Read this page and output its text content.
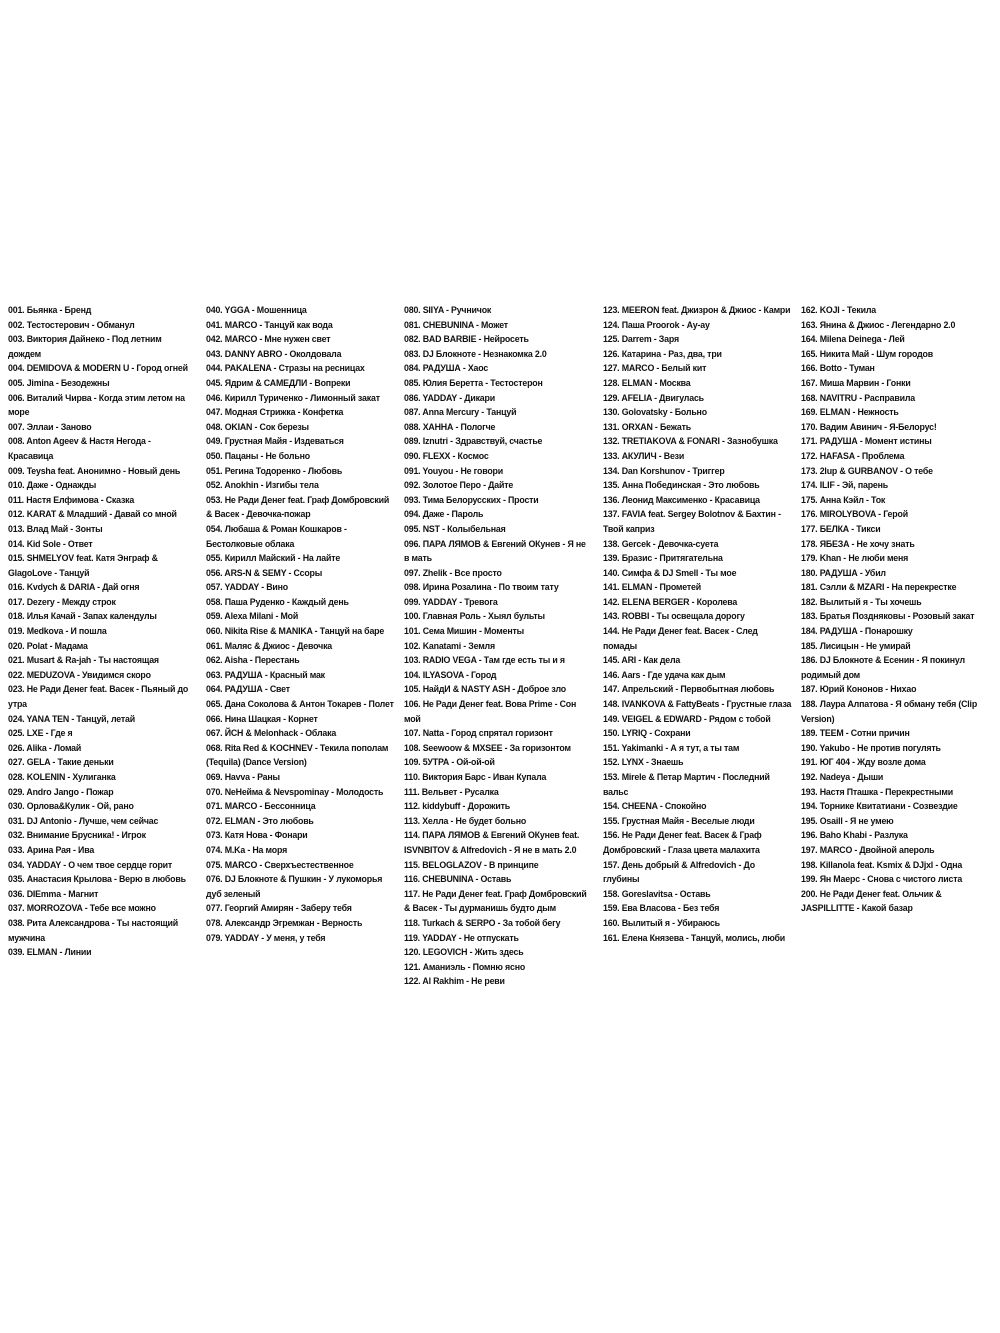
001. Бьянка - Бренд
002. Тестостерович - Обманул
003. Виктория Дайнеко - Под летним дождем
004. DEMIDOVA & MODERN U - Город огней
005. Jimina - Безодежны
006. Виталий Чирва - Когда этим летом на море
007. Эллаи - Заново
008. Anton Ageev & Настя Негода - Красавица
009. Teysha feat. Анонимно - Новый день
010. Даже - Однажды
011. Настя Елфимова - Сказка
012. KARAT & Младший - Давай со мной
013. Влад Май - Зонты
014. Kid Sole - Ответ
015. SHMELYOV feat. Катя Энграф & GlagoLove - Танцуй
016. Kvdych & DARIA - Дай огня
017. Dezery - Между строк
018. Илья Качай - Запах календулы
019. Medkova - И пошла
020. Polat - Мадама
021. Musart & Ra-jah - Ты настоящая
022. MEDUZOVA - Увидимся скоро
023. Не Ради Денег feat. Васек - Пьяный до утра
024. YANA TEN - Танцуй, летай
025. LXE - Где я
026. Alika - Ломай
027. GELA - Такие деньки
028. KOLENIN - Хулиганка
029. Andro Jango - Пожар
030. Орлова&Кулик - Ой, рано
031. DJ Antonio - Лучше, чем сейчас
032. Внимание Брусника! - Игрок
033. Арина Рая - Ива
034. YADDAY - О чем твое сердце горит
035. Анастасия Крылова - Верю в любовь
036. DIEmma - Магнит
037. MORROZOVA - Тебе все можно
038. Рита Александрова - Ты настоящий мужчина
039. ELMAN - Линии
040. YGGA - Мошенница
041. MARCO - Танцуй как вода
042. MARCO - Мне нужен свет
043. DANNY ABRO - Околдовала
044. PAKALENA - Стразы на ресницах
045. Ядрим & САМЕДЛИ - Вопреки
046. Кирилл Туриченко - Лимонный закат
047. Модная Стрижка - Конфетка
048. OKIAN - Сок березы
049. Грустная Майя - Издеваться
050. Пацаны - Не больно
051. Регина Тодоренко - Любовь
052. Anokhin - Изгибы тела
053. Не Ради Денег feat. Граф Домбровский & Васек - Девочка-пожар
054. Любаша & Роман Кошкаров - Бестолковые облака
055. Кирилл Майский - На лайте
056. ARS-N & SEMY - Ссоры
057. YADDAY - Вино
058. Паша Руденко - Каждый день
059. Alexa Milani - Мой
060. Nikita Rise & MANIKA - Танцуй на баре
061. Маляс & Джиос - Девочка
062. Aisha - Перестань
063. РАДУША - Красный мак
064. РАДУША - Свет
065. Дана Соколова & Антон Токарев - Полет
066. Нина Шацкая - Корнет
067. ЙСН & Melonhack - Облака
068. Rita Red & KOCHNEV - Текила пополам (Tequila) (Dance Version)
069. Havva - Раны
070. NeНейма & Nevspominay - Молодость
071. MARCO - Бессонница
072. ELMAN - Это любовь
073. Катя Нова - Фонари
074. M.Ka - На моря
075. MARCO - Сверхъестественное
076. DJ Блокнотe & Пушкин - У лукоморья дуб зеленый
077. Георгий Амирян - Заберу тебя
078. Александр Эгремжан - Верность
079. YADDAY - У меня, у тебя
080. SIIYA - Ручничок
081. CHEBUNINA - Может
082. BAD BARBIE - Нейросеть
083. DJ Блокнотe - Незнакомка 2.0
084. РАДУША - Хаос
085. Юлия Беретта - Тестостерон
086. YADDAY - Дикари
087. Anna Mercury - Танцуй
088. ХАННА - Пологче
089. Iznutri - Здравствуй, счастье
090. FLEXX - Космос
091. Youyou - Не говори
092. Золотое Перо - Дайте
093. Тима Белорусских - Прости
094. Даже - Пароль
095. NST - Колыбельная
096. ПАРА ЛЯМОВ & Евгений ОКунев - Я не в мать
097. Zhelik - Все просто
098. Ирина Розалина - По твоим тату
099. YADDAY - Тревога
100. Главная Роль - Хыял бульты
101. Сема Мишин - Моменты
102. Kanatami - Земля
103. RADIO VEGA - Там где есть ты и я
104. ILYASOVA - Город
105. НайдИ & NASTY ASH - Доброе зло
106. Не Ради Денег feat. Вова Prime - Сон мой
107. Natta - Город спрятал горизонт
108. Seewoow & MXSEE - За горизонтом
109. 5УТРА - Ой-ой-ой
110. Виктория Барс - Иван Купала
111. Вельвет - Русалка
112. kiddybuff - Дорожить
113. Хелла - Не будет больно
114. ПАРА ЛЯМОВ & Евгений ОКунев feat. ISVNBITOV & Alfredovich - Я не в мать 2.0
115. BELOGLAZOV - В принципе
116. CHEBUNINA - Оставь
117. Не Ради Денег feat. Граф Домбровский & Васек - Ты дурманишь будто дым
118. Turkach & SERPO - За тобой бегу
119. YADDAY - Не отпускать
120. LEGOVICH - Жить здесь
121. Аманиэль - Помню ясно
122. Al Rakhim - Не реви
123. MEERON feat. Джизрон & Джиос - Камри
124. Паша Proorok - Ау-ау
125. Darrem - Заря
126. Катарина - Раз, два, три
127. MARCO - Белый кит
128. ELMAN - Москва
129. AFELIA - Двигулась
130. Golovatsky - Больно
131. ORXAN - Бежать
132. TRETIAKOVA & FONARI - Зазнобушка
133. АКУЛИЧ - Вези
134. Dan Korshunov - Триггер
135. Анна Побединская - Это любовь
136. Леонид Максименко - Красавица
137. FAVIA feat. Sergey Bolotnov & Бахтин - Твой каприз
138. Gercek - Девочка-суета
139. Бразис - Притягательна
140. Симфа & DJ Smell - Ты мое
141. ELMAN - Прометей
142. ELENA BERGER - Королева
143. ROBBI - Ты освещала дорогу
144. Не Ради Денег feat. Васек - След помады
145. ARI - Как дела
146. Aars - Где удача как дым
147. Апрельский - Первобытная любовь
148. IVANKOVA & FattyBeats - Грустные глаза
149. VEIGEL & EDWARD - Рядом с тобой
150. LYRIQ - Сохрани
151. Yakimanki - А я тут, а ты там
152. LYNX - Знаешь
153. Mirele & Петар Мартич - Последний вальс
154. CHEENA - Спокойно
155. Грустная Майя - Веселые люди
156. Не Ради Денег feat. Васек & Граф Домбровский - Глаза цвета малахита
157. День добрый & Alfredovich - До глубины
158. Goreslavitsa - Оставь
159. Ева Власова - Без тебя
160. Вылитый я - Убираюсь
161. Елена Князева - Танцуй, молись, люби
162. KOJI - Текила
163. Янина & Джиос - Легендарно 2.0
164. Milena Deinega - Лей
165. Никита Май - Шум городов
166. Botto - Туман
167. Миша Марвин - Гонки
168. NAVITRU - Расправила
169. ELMAN - Нежность
170. Вадим Авинич - Я-Белорус!
171. РАДУША - Момент истины
172. HAFASA - Проблема
173. 2lup & GURBANOV - О тебе
174. ILIF - Эй, парень
175. Анна Кэйл - Ток
176. MIROLYBOVA - Герой
177. БЕЛКА - Тикси
178. ЯБЕЗА - Не хочу знать
179. Khan - Не люби меня
180. РАДУША - Убил
181. Сэлли & MZARI - На перекрестке
182. Вылитый я - Ты хочешь
183. Братья Поздняковы - Розовый закат
184. РАДУША - Понарошку
185. Лисицын - Не умирай
186. DJ Блокнотe & Есенин - Я покинул родимый дом
187. Юрий Кононов - Нихао
188. Лаура Алпатова - Я обману тебя (Clip Version)
189. TEEM - Сотни причин
190. Yakubo - Не против погулять
191. ЮГ 404 - Жду возле дома
192. Nadeya - Дыши
193. Настя Пташка - Перекрестными
194. Торнике Квитатиани - Созвездие
195. Osaill - Я не умею
196. Baho Khabi - Разлука
197. MARCO - Двойной апероль
198. Killanola feat. Ksmix & DJjxl - Одна
199. Ян Маерс - Снова с чистого листа
200. Не Ради Денег feat. Ольчик & JASPILLITTE - Какой базар
